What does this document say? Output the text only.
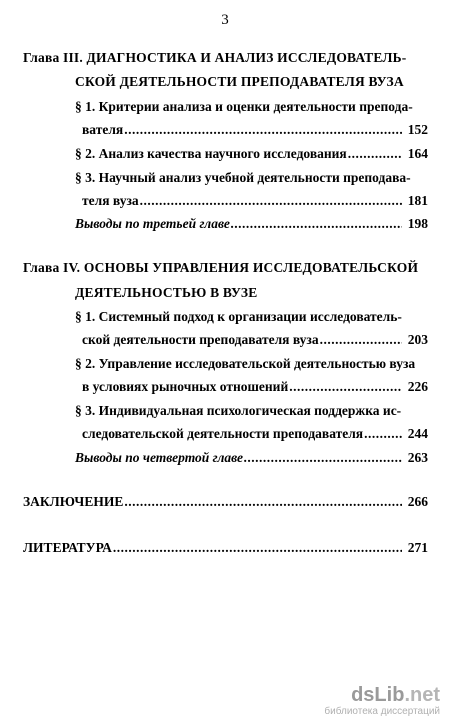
3
Глава III. ДИАГНОСТИКА И АНАЛИЗ ИССЛЕДОВАТЕЛЬ-
СКОЙ ДЕЯТЕЛЬНОСТИ ПРЕПОДАВАТЕЛЯ ВУЗА
§ 1. Критерии анализа и оценки деятельности препода-
вателя .....	152
§ 2. Анализ качества научного исследования .....	164
§ 3. Научный анализ учебной деятельности преподава-
теля вуза .....	181
Выводы по третьей главе .....	198
Глава IV. ОСНОВЫ УПРАВЛЕНИЯ ИССЛЕДОВАТЕЛЬСКОЙ
ДЕЯТЕЛЬНОСТЬЮ В ВУЗЕ
§ 1. Системный подход к организации исследователь-
ской деятельности преподавателя вуза .....	203
§ 2. Управление исследовательской деятельностью вуза
в условиях рыночных отношений .....	226
§ 3. Индивидуальная психологическая поддержка ис-
следовательской деятельности преподавателя .....	244
Выводы по четвертой главе .....	263
ЗАКЛЮЧЕНИЕ .....	266
ЛИТЕРАТУРА .....	271
dsLib.net
библиотека диссертаций
